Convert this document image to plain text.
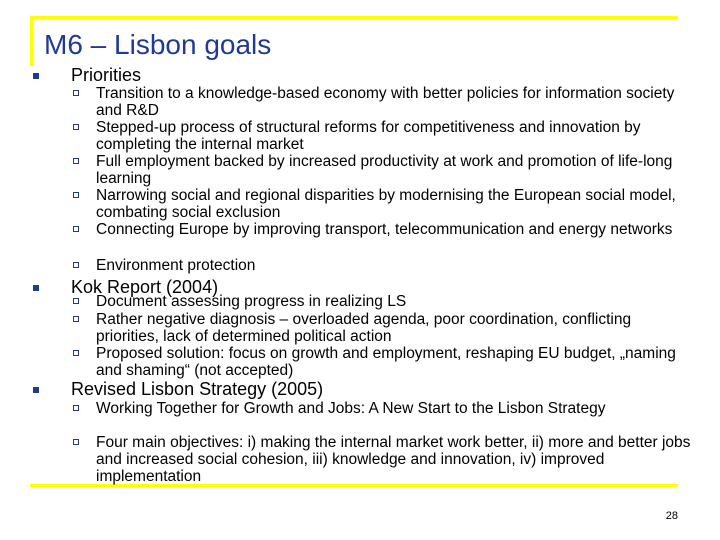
M6 – Lisbon goals
Priorities
Transition to a knowledge-based economy with better policies for information society and R&D
Stepped-up process of structural reforms for competitiveness and innovation by completing the internal market
Full employment backed by increased productivity at work and promotion of life-long learning
Narrowing social and regional disparities by modernising the European social model, combating social exclusion
Connecting Europe by improving transport, telecommunication and energy networks
Environment protection
Kok Report (2004)
Document assessing progress in realizing LS
Rather negative diagnosis – overloaded agenda, poor coordination, conflicting priorities, lack of determined political action
Proposed solution: focus on growth and employment, reshaping EU budget, „naming and shaming“ (not accepted)
Revised Lisbon Strategy (2005)
Working Together for Growth and Jobs: A New Start to the Lisbon Strategy
Four main objectives: i) making the internal market work better, ii) more and better jobs and increased social cohesion, iii) knowledge and innovation, iv) improved implementation
28
